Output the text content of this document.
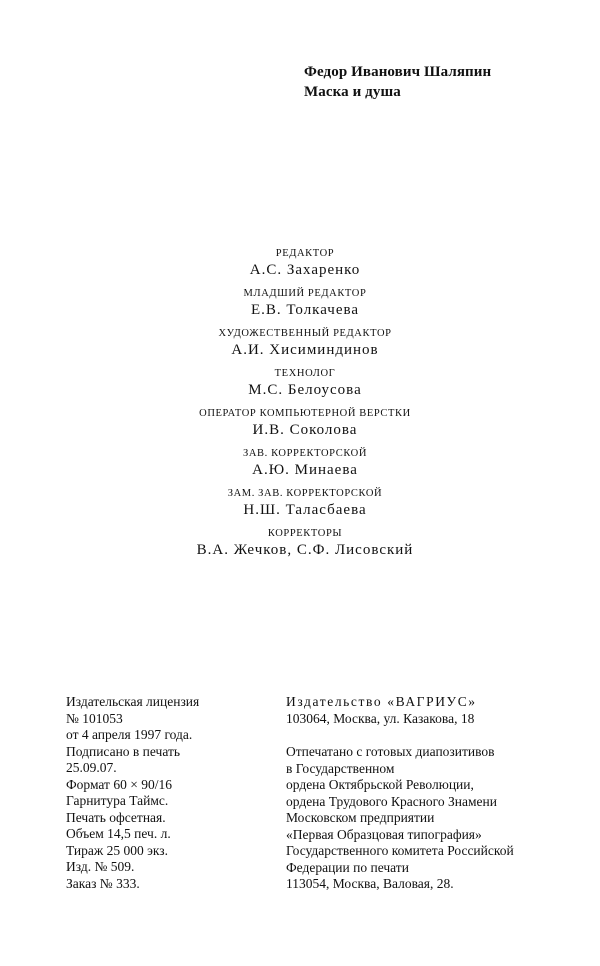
Федор Иванович Шаляпин
Маска и душа
РЕДАКТОР
А.С. Захаренко
МЛАДШИЙ РЕДАКТОР
Е.В. Толкачева
ХУДОЖЕСТВЕННЫЙ РЕДАКТОР
А.И. Хисиминдинов
ТЕХНОЛОГ
М.С. Белоусова
ОПЕРАТОР КОМПЬЮТЕРНОЙ ВЕРСТКИ
И.В. Соколова
ЗАВ. КОРРЕКТОРСКОЙ
А.Ю. Минаева
ЗАМ. ЗАВ. КОРРЕКТОРСКОЙ
Н.Ш. Таласбаева
КОРРЕКТОРЫ
В.А. Жечков, С.Ф. Лисовский
Издательская лицензия
№ 101053
от 4 апреля 1997 года.
Подписано в печать
25.09.07.
Формат 60 × 90/16
Гарнитура Таймс.
Печать офсетная.
Объем 14,5 печ. л.
Тираж 25 000 экз.
Изд. № 509.
Заказ № 333.
Издательство «ВАГРИУС»
103064, Москва, ул. Казакова, 18
Отпечатано с готовых диапозитивов
в Государственном
ордена Октябрьской Революции,
ордена Трудового Красного Знамени
Московском предприятии
«Первая Образцовая типография»
Государственного комитета Российской
Федерации по печати
113054, Москва, Валовая, 28.
